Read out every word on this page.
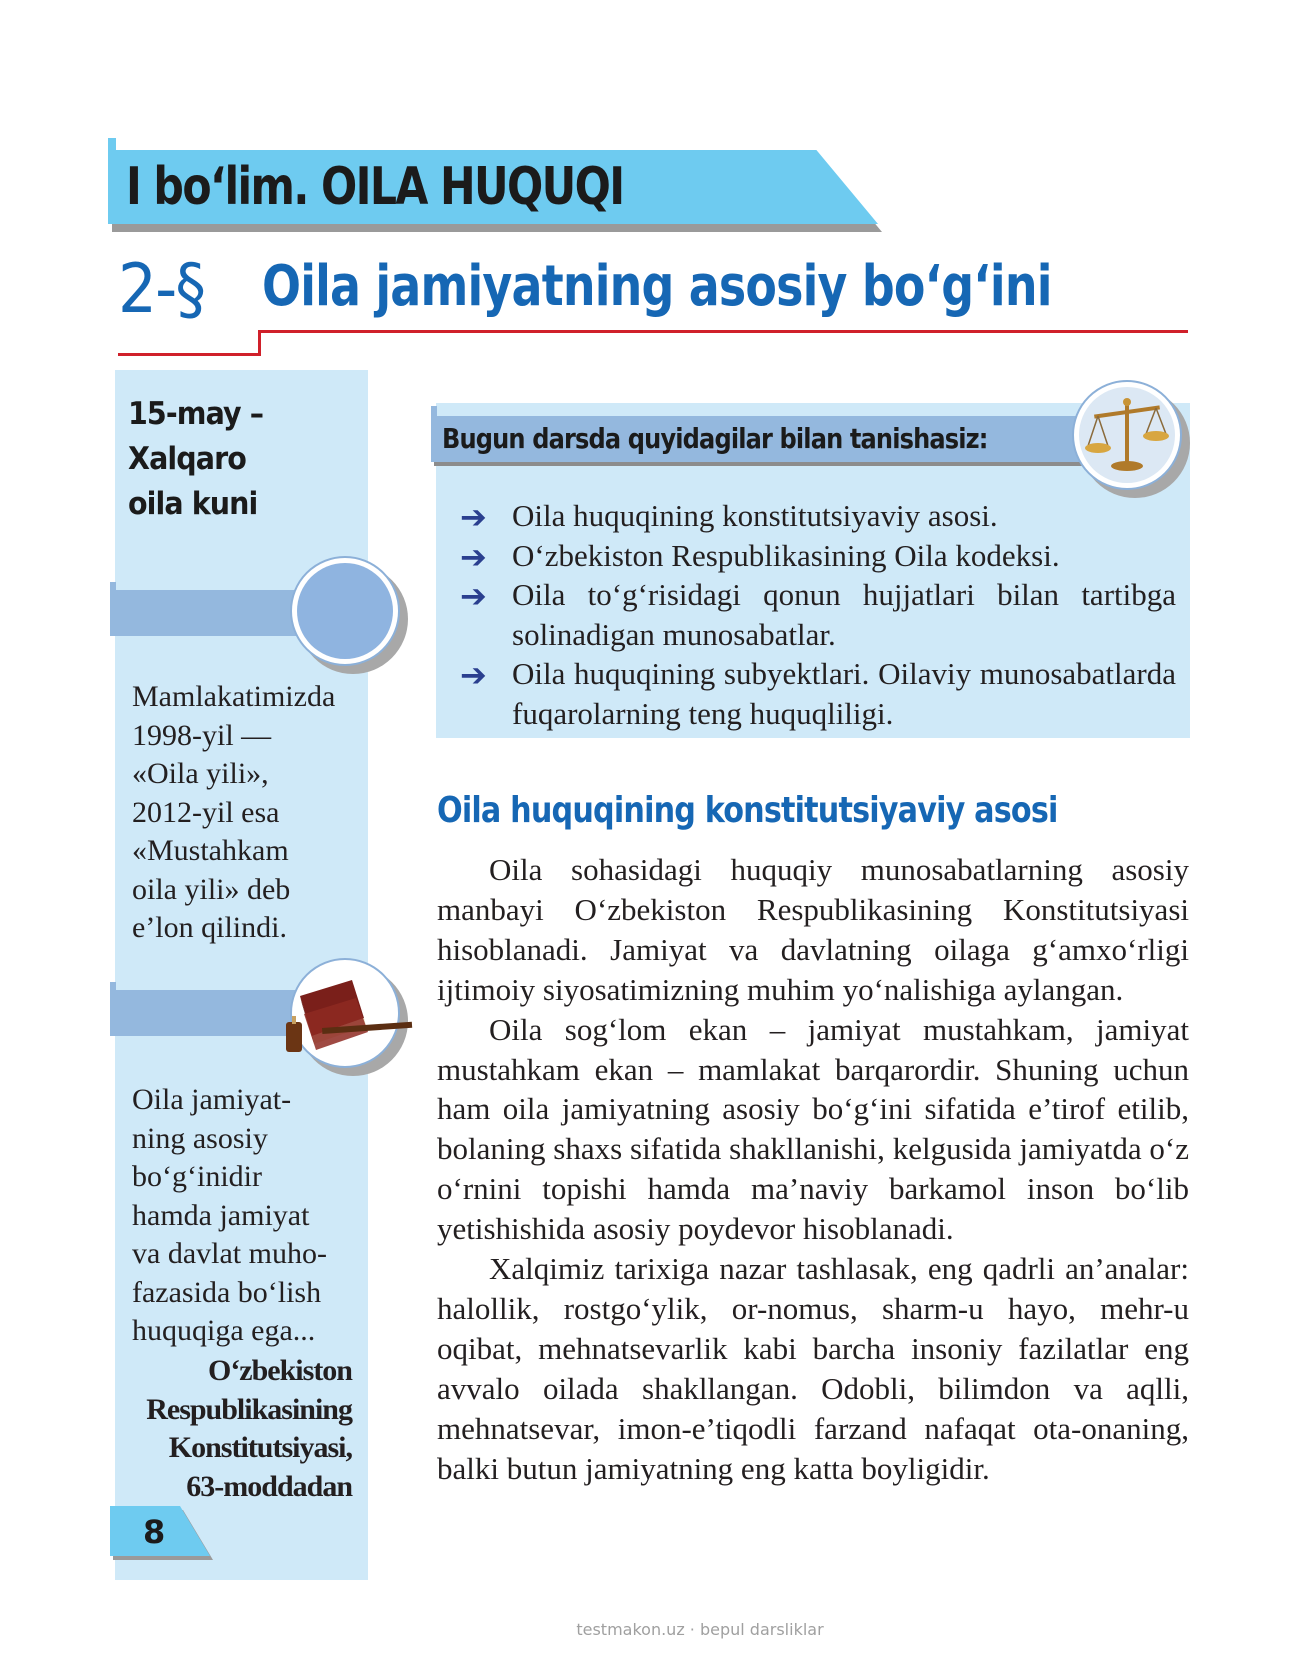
I bo‘lim. OILA HUQUQI
2-§ Oila jamiyatning asosiy bo‘g‘ini
15-may –
Xalqaro
oila kuni
Mamlakatimizda
1998-yil —
«Oila yili»,
2012-yil esa
«Mustahkam
oila yili» deb
e’lon qilindi.
Oila jamiyat-
ning asosiy
bo‘g‘inidir
hamda jamiyat
va davlat muho-
fazasida bo‘lish
huquqiga ega...
O‘zbekiston
Respublikasining
Konstitutsiyasi,
63-moddadan
8
Bugun darsda quyidagilar bilan tanishasiz:
➔ Oila huquqining konstitutsiyaviy asosi.
➔ O‘zbekiston Respublikasining Oila kodeksi.
➔ Oila to‘g‘risidagi qonun hujjatlari bilan tartibga solinadigan munosabatlar.
➔ Oila huquqining subyektlari. Oilaviy munosabatlarda fuqarolarning teng huquqliligi.
Oila huquqining konstitutsiyaviy asosi

Oila sohasidagi huquqiy munosabatlarning asosiy manbayi O‘zbekiston Respublikasining Konstitutsiyasi hisoblanadi. Jamiyat va davlatning oilaga g‘amxo‘rligi ijtimoiy siyosatimizning muhim yo‘nalishiga aylangan.

Oila sog‘lom ekan – jamiyat mustahkam, jamiyat mustahkam ekan – mamlakat barqarordir. Shuning uchun ham oila jamiyatning asosiy bo‘g‘ini sifatida e’tirof etilib, bolaning shaxs sifatida shakllanishi, kelgusida jamiyatda o‘z o‘rnini topishi hamda ma’naviy barkamol inson bo‘lib yetishishida asosiy poydevor hisoblanadi.

Xalqimiz tarixiga nazar tashlasak, eng qadrli an’analar: halollik, rostgo‘ylik, or-nomus, sharm-u hayo, mehr-u oqibat, mehnatsevarlik kabi barcha insoniy fazilatlar eng avvalo oilada shakllangan. Odobli, bilimdon va aqlli, mehnatsevar, imon-e’tiqodli farzand nafaqat ota-onaning, balki butun jamiyatning eng katta boyligidir.

testmakon.uz · bepul darsliklar
